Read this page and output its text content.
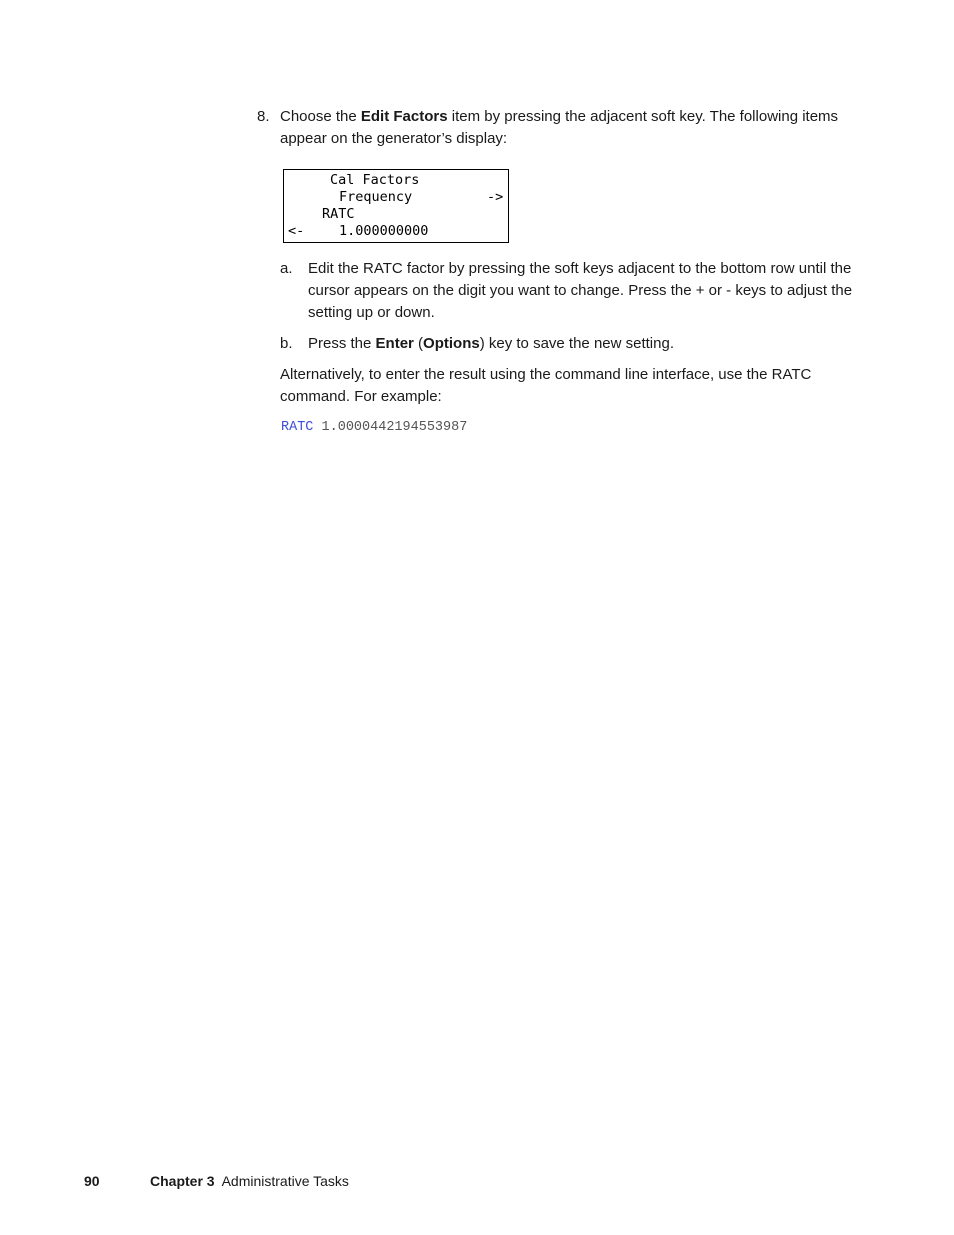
8. Choose the Edit Factors item by pressing the adjacent soft key. The following items appear on the generator’s display:
Cal Factors
Frequency	->
RATC
<-	1.000000000
a.	Edit the RATC factor by pressing the soft keys adjacent to the bottom row until the cursor appears on the digit you want to change. Press the + or - keys to adjust the setting up or down.
b.	Press the Enter (Options) key to save the new setting.
Alternatively, to enter the result using the command line interface, use the RATC command. For example:
RATC 1.0000442194553987
90	Chapter 3 Administrative Tasks
